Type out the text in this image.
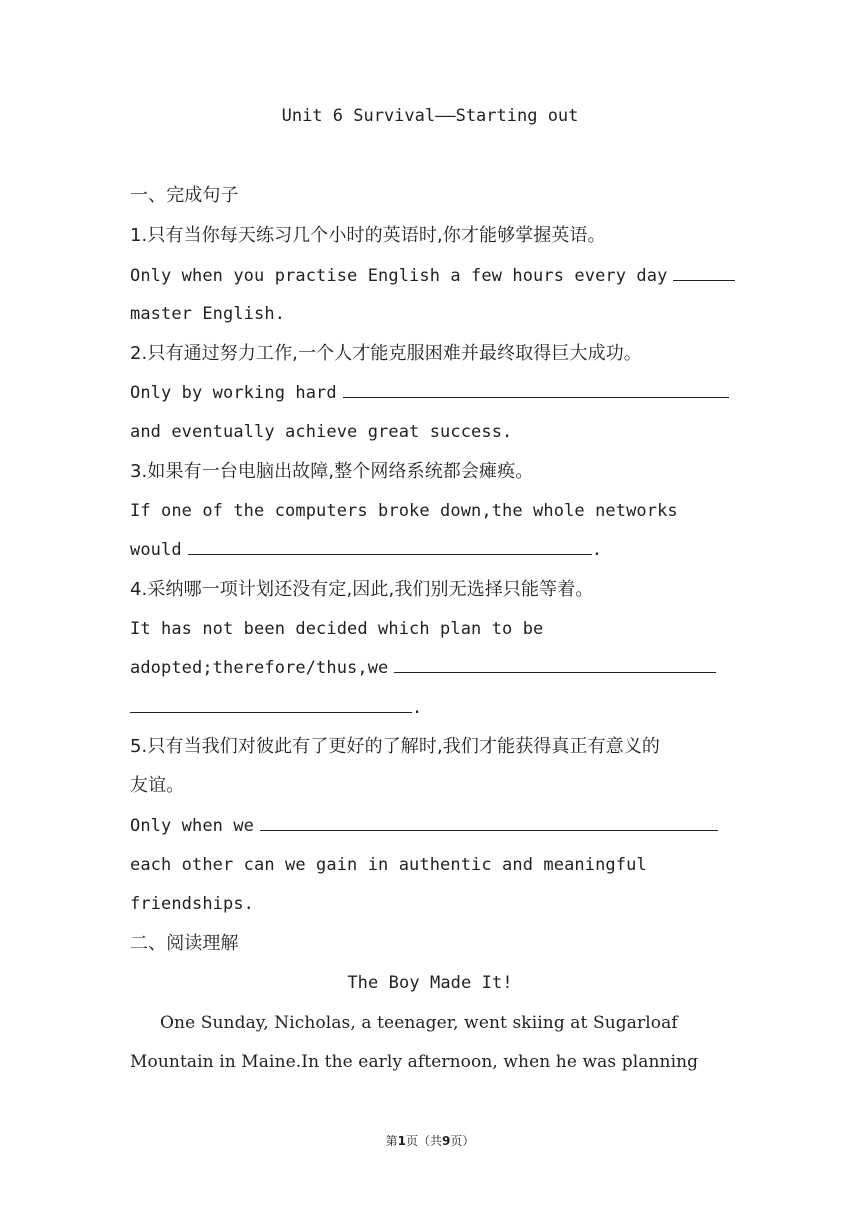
Unit 6 Survival——Starting out
一、完成句子
1.只有当你每天练习几个小时的英语时,你才能够掌握英语。
Only when you practise English a few hours every day
master English.
2.只有通过努力工作,一个人才能克服困难并最终取得巨大成功。
Only by working hard
and eventually achieve great success.
3.如果有一台电脑出故障,整个网络系统都会瘫痪。
If one of the computers broke down,the whole networks
would	.
4.采纳哪一项计划还没有定,因此,我们别无选择只能等着。
It has not been decided which plan to be
adopted;therefore/thus,we
.
5.只有当我们对彼此有了更好的了解时,我们才能获得真正有意义的
友谊。
Only when we
each other can we gain in authentic and meaningful
friendships.
二、阅读理解
The Boy Made It!
One Sunday, Nicholas, a teenager, went skiing at Sugarloaf
Mountain in Maine.In the early afternoon, when he was planning
第1页（共9页）
